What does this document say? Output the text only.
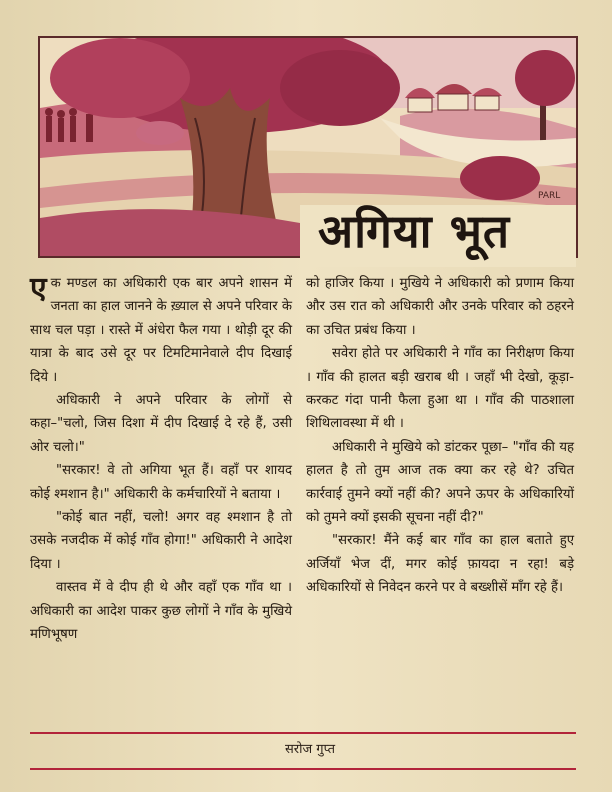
PARL
अगिया भूत

एक मण्डल का अधिकारी एक बार अपने शासन में जनता का हाल जानने के ख़्याल से अपने परिवार के साथ चल पड़ा । रास्ते में अंधेरा फैल गया । थोड़ी दूर की यात्रा के बाद उसे दूर पर टिमटिमानेवाले दीप दिखाई दिये ।

अधिकारी ने अपने परिवार के लोगों से कहा–"चलो, जिस दिशा में दीप दिखाई दे रहे हैं, उसी ओर चलो।"

"सरकार! वे तो अगिया भूत हैं। वहाँ पर शायद कोई श्मशान है।" अधिकारी के कर्मचारियों ने बताया ।

"कोई बात नहीं, चलो! अगर वह श्मशान है तो उसके नजदीक में कोई गाँव होगा!" अधिकारी ने आदेश दिया ।

वास्तव में वे दीप ही थे और वहाँ एक गाँव था । अधिकारी का आदेश पाकर कुछ लोगों ने गाँव के मुखिये मणिभूषण

को हाजिर किया । मुखिये ने अधिकारी को प्रणाम किया और उस रात को अधिकारी और उनके परिवार को ठहरने का उचित प्रबंध किया ।

सवेरा होते पर अधिकारी ने गाँव का निरीक्षण किया । गाँव की हालत बड़ी खराब थी । जहाँ भी देखो, कूड़ा-करकट गंदा पानी फैला हुआ था । गाँव की पाठशाला शिथिलावस्था में थी ।

अधिकारी ने मुखिये को डांटकर पूछा– "गाँव की यह हालत है तो तुम आज तक क्या कर रहे थे? उचित कार्रवाई तुमने क्यों नहीं की? अपने ऊपर के अधिकारियों को तुमने क्यों इसकी सूचना नहीं दी?"

"सरकार! मैंने कई बार गाँव का हाल बताते हुए अर्जियाँ भेज दीं, मगर कोई फ़ायदा न रहा! बड़े अधिकारियों से निवेदन करने पर वे बख्शीसें माँग रहे हैं।

सरोज गुप्त
